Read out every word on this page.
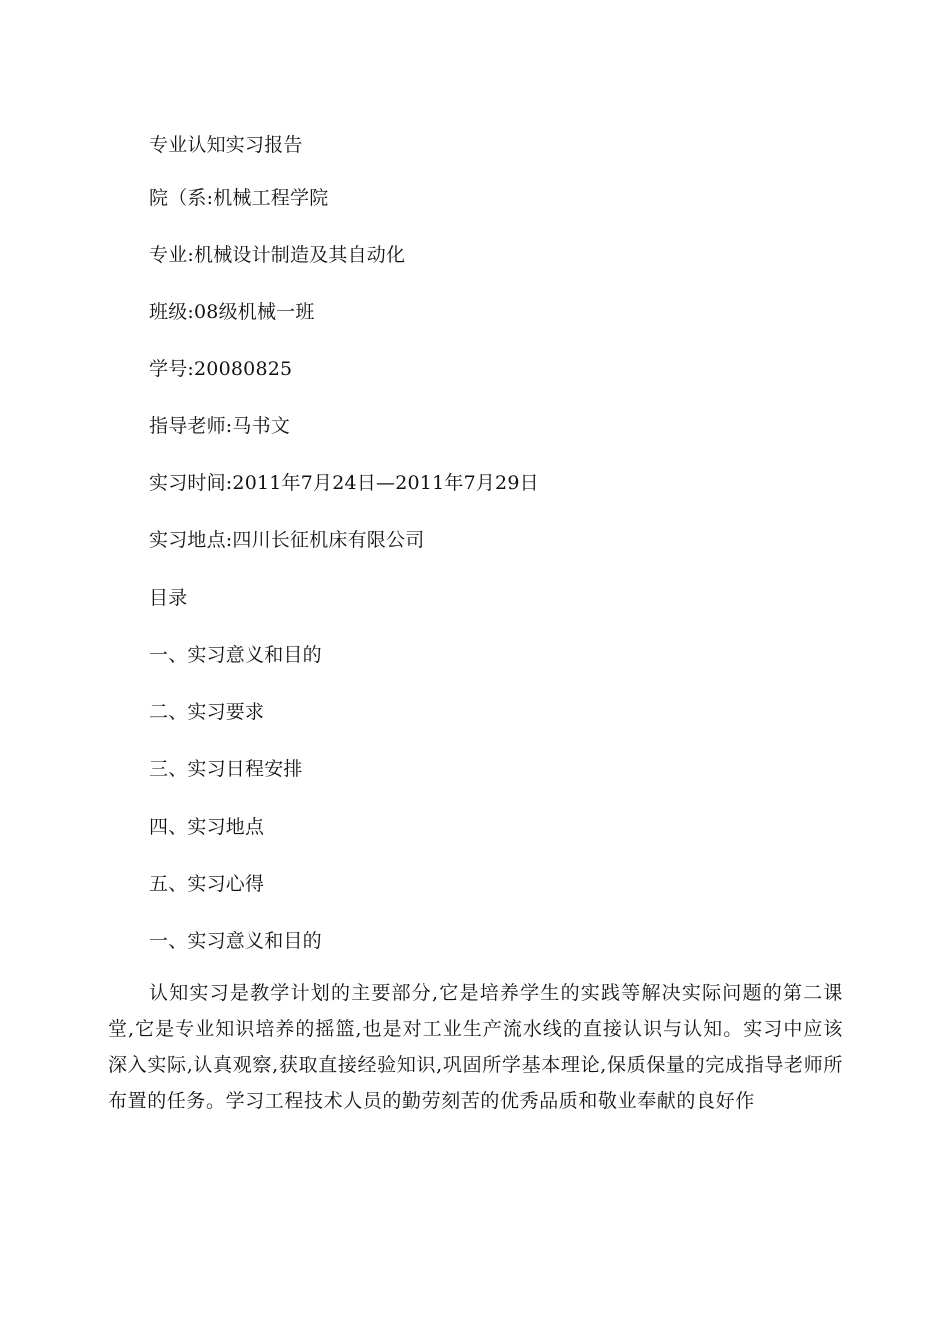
专业认知实习报告
院（系:机械工程学院
专业:机械设计制造及其自动化
班级:08级机械一班
学号:20080825
指导老师:马书文
实习时间:2011年7月24日—2011年7月29日
实习地点:四川长征机床有限公司
目录
一、实习意义和目的
二、实习要求
三、实习日程安排
四、实习地点
五、实习心得
一、实习意义和目的
认知实习是教学计划的主要部分,它是培养学生的实践等解决实际问题的第二课堂,它是专业知识培养的摇篮,也是对工业生产流水线的直接认识与认知。实习中应该深入实际,认真观察,获取直接经验知识,巩固所学基本理论,保质保量的完成指导老师所布置的任务。学习工程技术人员的勤劳刻苦的优秀品质和敬业奉献的良好作
